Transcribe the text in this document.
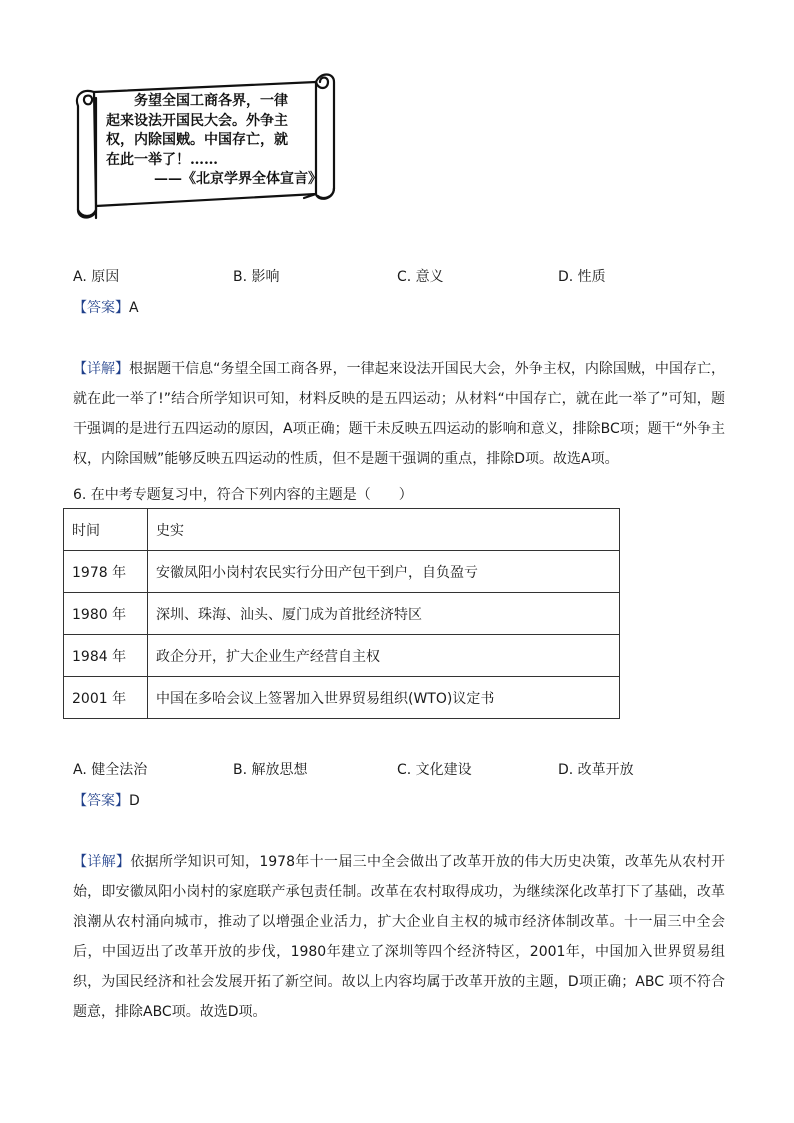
务望全国工商各界，一律
起来设法开国民大会。外争主
权，内除国贼。中国存亡，就
在此一举了！……
——《北京学界全体宣言》
A. 原因	B. 影响	C. 意义	D. 性质
【答案】A
【详解】根据题干信息“务望全国工商各界，一律起来设法开国民大会，外争主权，内除国贼，中国存亡，就在此一举了!”结合所学知识可知，材料反映的是五四运动；从材料“中国存亡，就在此一举了”可知，题干强调的是进行五四运动的原因，A项正确；题干未反映五四运动的影响和意义，排除BC项；题干“外争主权，内除国贼”能够反映五四运动的性质，但不是题干强调的重点，排除D项。故选A项。
6. 在中考专题复习中，符合下列内容的主题是（　　）
时间	史实
1978 年	安徽凤阳小岗村农民实行分田产包干到户，自负盈亏
1980 年	深圳、珠海、汕头、厦门成为首批经济特区
1984 年	政企分开，扩大企业生产经营自主权
2001 年	中国在多哈会议上签署加入世界贸易组织(WTO)议定书
A. 健全法治	B. 解放思想	C. 文化建设	D. 改革开放
【答案】D
【详解】依据所学知识可知，1978年十一届三中全会做出了改革开放的伟大历史决策，改革先从农村开始，即安徽凤阳小岗村的家庭联产承包责任制。改革在农村取得成功，为继续深化改革打下了基础，改革浪潮从农村涌向城市，推动了以增强企业活力，扩大企业自主权的城市经济体制改革。十一届三中全会后，中国迈出了改革开放的步伐，1980年建立了深圳等四个经济特区，2001年，中国加入世界贸易组织，为国民经济和社会发展开拓了新空间。故以上内容均属于改革开放的主题，D项正确；ABC 项不符合题意，排除ABC项。故选D项。
